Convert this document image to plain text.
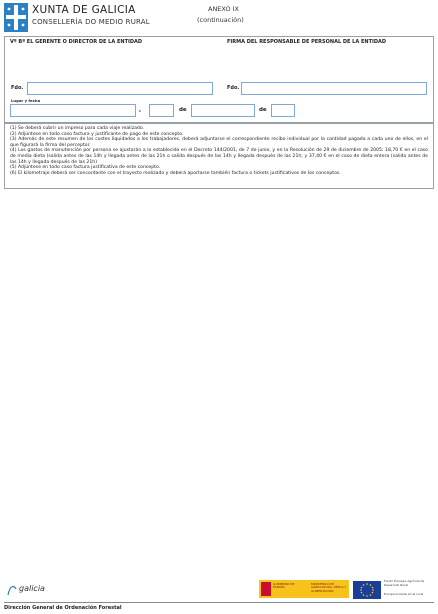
XUNTA DE GALICIA
CONSELLERÍA DO MEDIO RURAL
ANEXO IX
(continuación)
Vº Bº EL GERENTE O DIRECTOR DE LA ENTIDAD	FIRMA DEL RESPONSABLE DE PERSONAL DE LA ENTIDAD
Fdo.	Fdo.
Lugar y fecha
,	de	de
(1) Se deberá cubrir un impreso para cada viaje realizado.
(2) Adjúntese en todo caso factura y justificante de pago de este concepto.
(3) Además de este resumen de los costes liquidados a los trabajadores, deberá adjuntarse el correspondiente recibo individual por la cantidad pagada a cada uno de ellos, en el que figurará la firma del perceptor.
(4) Los gastos de manutención por persona se ajustarán a lo establecido en el Decreto 144/2001, de 7 de junio, y en la Resolución de 29 de diciembre de 2005: 18,70 € en el caso de media dieta (salida antes de las 14h y llegada antes de las 21h o salida después de las 14h y llegada después de las 21h; y 37,40 € en el caso de dieta entera (salida antes de las 14h y llegada después de las 21h)
(5) Adjúntese en todo caso factura justificativa de este concepto.
(6) El kilometraje deberá ser concordante con el trayecto realizado y deberá aportarse también factura o tickets justificativos de los conceptos.
galicia	GOBIERNO DE ESPAÑA
MINISTERIO DE AGRICULTURA, PESCA Y ALIMENTACIÓN
Fondo Europeo Agrícola de Desarrollo Rural
Europa invierte en el rural
Dirección General de Ordenación Forestal
